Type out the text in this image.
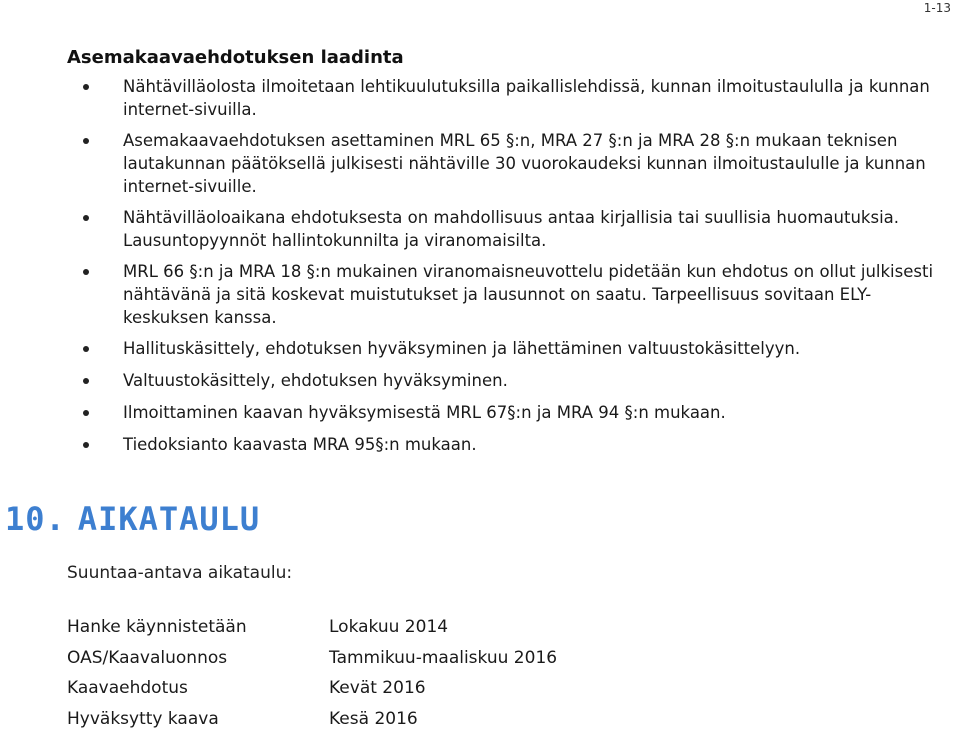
1-13
Asemakaavaehdotuksen laadinta
Nähtävilläolosta ilmoitetaan lehtikuulutuksilla paikallislehdissä, kunnan ilmoitustaululla ja kunnan internet-sivuilla.
Asemakaavaehdotuksen asettaminen MRL 65 §:n, MRA 27 §:n ja MRA 28 §:n mukaan teknisen lautakunnan päätöksellä julkisesti nähtäville 30 vuorokaudeksi kunnan ilmoitustaululle ja kunnan internet-sivuille.
Nähtävilläoloaikana ehdotuksesta on mahdollisuus antaa kirjallisia tai suullisia huomautuksia. Lausuntopyynnöt hallintokunnilta ja viranomaisilta.
MRL 66 §:n ja MRA 18 §:n mukainen viranomaisneuvottelu pidetään kun ehdotus on ollut julkisesti nähtävänä ja sitä koskevat muistutukset ja lausunnot on saatu. Tarpeellisuus sovitaan ELY-keskuksen kanssa.
Hallituskäsittely, ehdotuksen hyväksyminen ja lähettäminen valtuustokäsittelyyn.
Valtuustokäsittely, ehdotuksen hyväksyminen.
Ilmoittaminen kaavan hyväksymisestä MRL 67§:n ja MRA 94 §:n mukaan.
Tiedoksianto kaavasta MRA 95§:n mukaan.
10. AIKATAULU
Suuntaa-antava aikataulu:
Hanke käynnistetään	Lokakuu 2014
OAS/Kaavaluonnos	Tammikuu-maaliskuu 2016
Kaavaehdotus	Kevät 2016
Hyväksytty kaava	Kesä 2016
